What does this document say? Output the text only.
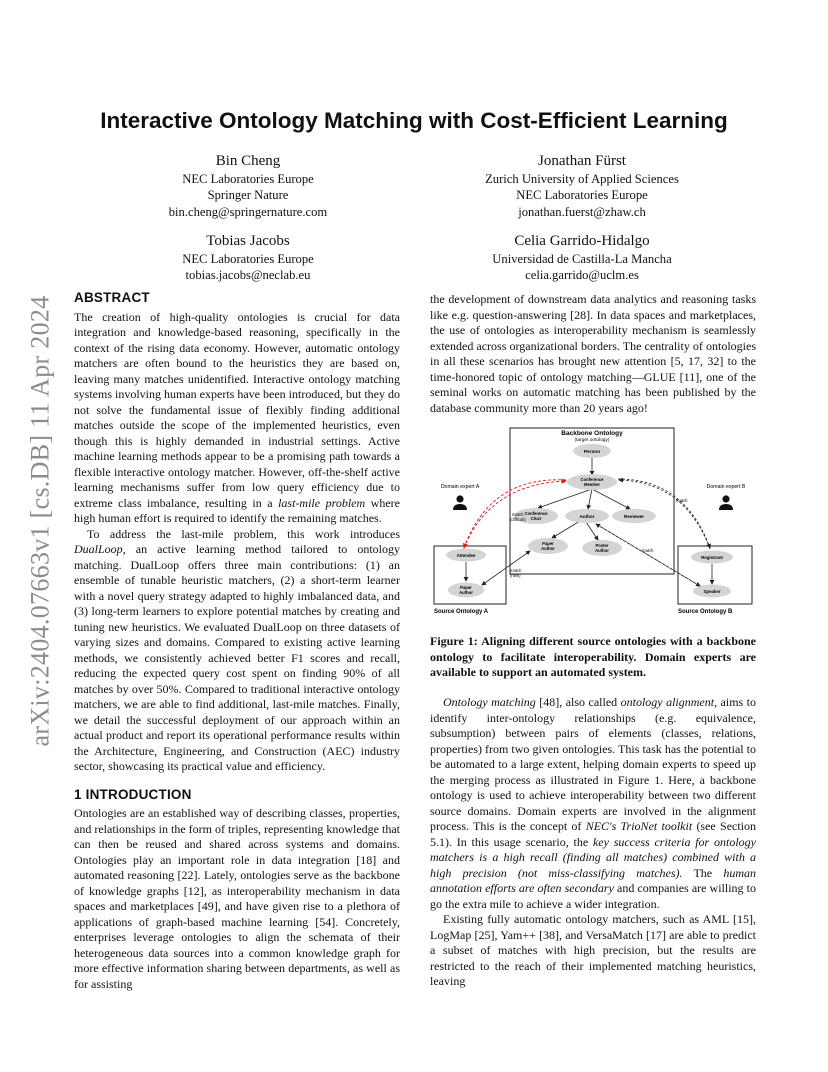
arXiv:2404.07663v1 [cs.DB] 11 Apr 2024
Interactive Ontology Matching with Cost-Efficient Learning
Bin Cheng
NEC Laboratories Europe
Springer Nature
bin.cheng@springernature.com
Jonathan Fürst
Zurich University of Applied Sciences
NEC Laboratories Europe
jonathan.fuerst@zhaw.ch
Tobias Jacobs
NEC Laboratories Europe
tobias.jacobs@neclab.eu
Celia Garrido-Hidalgo
Universidad de Castilla-La Mancha
celia.garrido@uclm.es
ABSTRACT

The creation of high-quality ontologies is crucial for data integration and knowledge-based reasoning, specifically in the context of the rising data economy. However, automatic ontology matchers are often bound to the heuristics they are based on, leaving many matches unidentified. Interactive ontology matching systems involving human experts have been introduced, but they do not solve the fundamental issue of flexibly finding additional matches outside the scope of the implemented heuristics, even though this is highly demanded in industrial settings. Active machine learning methods appear to be a promising path towards a flexible interactive ontology matcher. However, off-the-shelf active learning mechanisms suffer from low query efficiency due to extreme class imbalance, resulting in a last-mile problem where high human effort is required to identify the remaining matches.

To address the last-mile problem, this work introduces DualLoop, an active learning method tailored to ontology matching. DualLoop offers three main contributions: (1) an ensemble of tunable heuristic matchers, (2) a short-term learner with a novel query strategy adapted to highly imbalanced data, and (3) long-term learners to explore potential matches by creating and tuning new heuristics. We evaluated DualLoop on three datasets of varying sizes and domains. Compared to existing active learning methods, we consistently achieved better F1 scores and recall, reducing the expected query cost spent on finding 90% of all matches by over 50%. Compared to traditional interactive ontology matchers, we are able to find additional, last-mile matches. Finally, we detail the successful deployment of our approach within an actual product and report its operational performance results within the Architecture, Engineering, and Construction (AEC) industry sector, showcasing its practical value and efficiency.

1 INTRODUCTION

Ontologies are an established way of describing classes, properties, and relationships in the form of triples, representing knowledge that can then be reused and shared across systems and domains. Ontologies play an important role in data integration [18] and automated reasoning [22]. Lately, ontologies serve as the backbone of knowledge graphs [12], as interoperability mechanism in data spaces and marketplaces [49], and have given rise to a plethora of applications of graph-based machine learning [54]. Concretely, enterprises leverage ontologies to align the schemata of their heterogeneous data sources into a common knowledge graph for more effective information sharing between departments, as well as for assisting

the development of downstream data analytics and reasoning tasks like e.g. question-answering [28]. In data spaces and marketplaces, the use of ontologies as interoperability mechanism is seamlessly extended across organizational borders. The centrality of ontologies in all these scenarios has brought new attention [5, 17, 32] to the time-honored topic of ontology matching—GLUE [11], one of the seminal works on automatic matching has been published by the database community more than 20 years ago!

Backbone Ontology
(target ontology)
Person
Conference
Member
Conference
Chair	Author	Reviewer
Paper
Author
Poster
Author
Domain expert A	Domain expert B
Attendee
Paper
Author
Source Ontology A
Registrant
Speaker
Source Ontology B
match
(difficult)
match
(new)
match
match

Figure 1: Aligning different source ontologies with a backbone ontology to facilitate interoperability. Domain experts are available to support an automated system.

Ontology matching [48], also called ontology alignment, aims to identify inter-ontology relationships (e.g. equivalence, subsumption) between pairs of elements (classes, relations, properties) from two given ontologies. This task has the potential to be automated to a large extent, helping domain experts to speed up the merging process as illustrated in Figure 1. Here, a backbone ontology is used to achieve interoperability between two different source domains. Domain experts are involved in the alignment process. This is the concept of NEC's TrioNet toolkit (see Section 5.1). In this usage scenario, the key success criteria for ontology matchers is a high recall (finding all matches) combined with a high precision (not miss-classifying matches). The human annotation efforts are often secondary and companies are willing to go the extra mile to achieve a wider integration.

Existing fully automatic ontology matchers, such as AML [15], LogMap [25], Yam++ [38], and VersaMatch [17] are able to predict a subset of matches with high precision, but the results are restricted to the reach of their implemented matching heuristics, leaving
